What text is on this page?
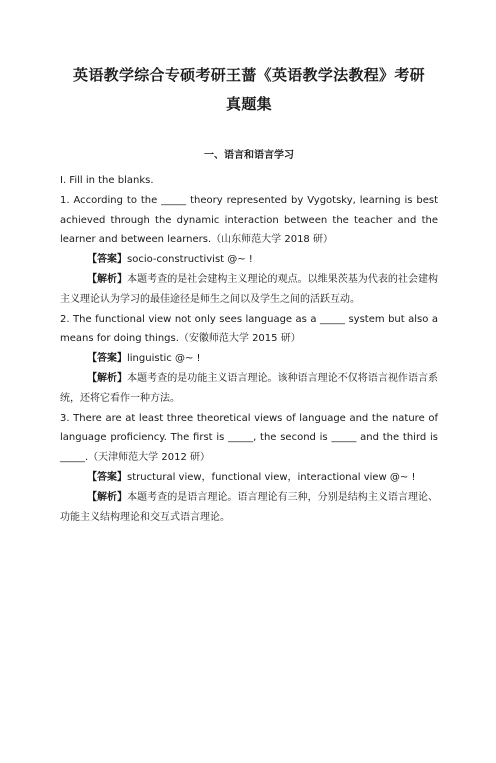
英语教学综合专硕考研王蔷《英语教学法教程》考研
真题集
一、语言和语言学习

Ⅰ. Fill in the blanks.

1. According to the _____ theory represented by Vygotsky, learning is best achieved through the dynamic interaction between the teacher and the learner and between learners.（山东师范大学 2018 研）

【答案】socio-constructivist @~ !

【解析】本题考查的是社会建构主义理论的观点。以维果茨基为代表的社会建构主义理论认为学习的最佳途径是师生之间以及学生之间的活跃互动。

2. The functional view not only sees language as a _____ system but also a means for doing things.（安徽师范大学 2015 研）

【答案】linguistic @~ !

【解析】本题考查的是功能主义语言理论。该种语言理论不仅将语言视作语言系统，还将它看作一种方法。

3. There are at least three theoretical views of language and the nature of language proficiency. The first is _____, the second is _____ and the third is _____.（天津师范大学 2012 研）

【答案】structural view，functional view，interactional view @~ !

【解析】本题考查的是语言理论。语言理论有三种，分别是结构主义语言理论、功能主义结构理论和交互式语言理论。
